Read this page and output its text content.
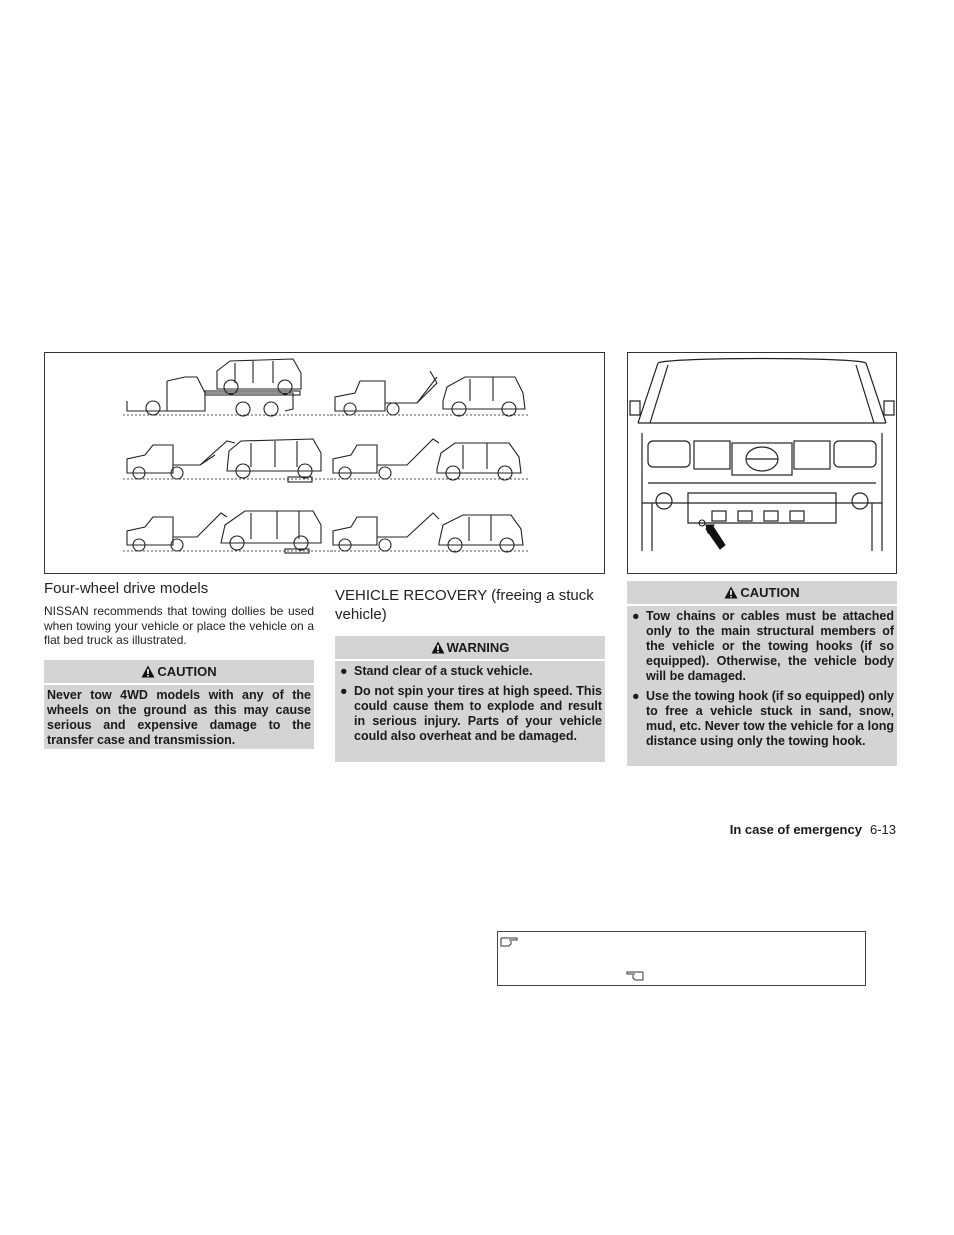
Four-wheel drive models
NISSAN recommends that towing dollies be used when towing your vehicle or place the vehicle on a flat bed truck as illustrated.
CAUTION

Never tow 4WD models with any of the wheels on the ground as this may cause serious and expensive damage to the transfer case and transmission.

VEHICLE RECOVERY (freeing a stuck vehicle)
WARNING
● Stand clear of a stuck vehicle.
● Do not spin your tires at high speed. This could cause them to explode and result in serious injury. Parts of your vehicle could also overheat and be damaged.
CAUTION
● Tow chains or cables must be attached only to the main structural members of the vehicle or the towing hooks (if so equipped). Otherwise, the vehicle body will be damaged.
● Use the towing hook (if so equipped) only to free a vehicle stuck in sand, snow, mud, etc. Never tow the vehicle for a long distance using only the towing hook.
In case of emergency 6-13
